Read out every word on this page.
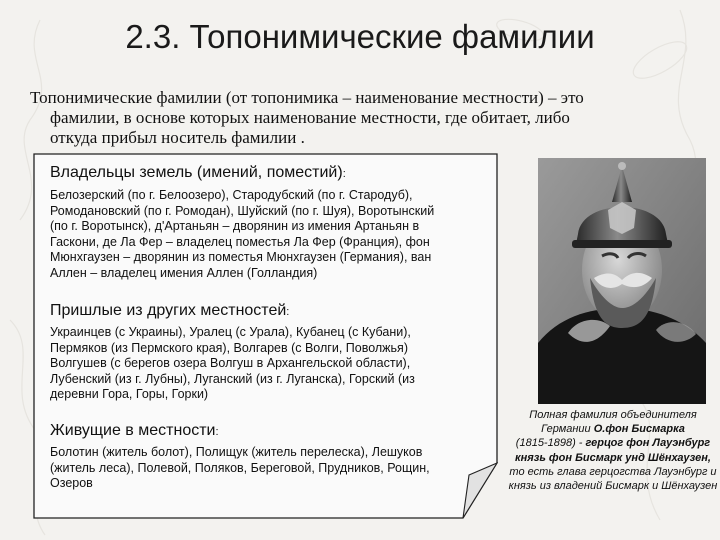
2.3. Топонимические фамилии
Топонимические фамилии (от топонимика – наименование местности) – это
фамилии, в основе которых наименование местности, где обитает, либо
откуда прибыл носитель фамилии .
Владельцы земель (имений, поместий):
Белозерский (по г. Белоозеро), Стародубский (по г. Стародуб),
Ромодановский (по г. Ромодан), Шуйский (по г. Шуя), Воротынский
(по г. Воротынск), д'Артаньян – дворянин из имения Артаньян в
Гаскони, де Ла Фер – владелец поместья Ла Фер (Франция), фон
Мюнхгаузен – дворянин из поместья Мюнхгаузен (Германия), ван
Аллен – владелец имения Аллен (Голландия)
Пришлые из других местностей:
Украинцев (с Украины), Уралец (с Урала), Кубанец (с Кубани),
Пермяков (из Пермского края), Волгарев (с Волги, Поволжья)
Волгушев (с берегов озера Волгуш в Архангельской области),
Лубенский (из г. Лубны), Луганский (из г. Луганска), Горский (из
деревни Гора, Горы, Горки)
Живущие в местности:
Болотин (житель болот), Полищук (житель перелеска), Лешуков
(житель леса), Полевой, Поляков, Береговой, Прудников, Рощин,
Озеров
Полная фамилия объединителя
Германии О.фон Бисмарка
(1815-1898) - герцог фон Лауэнбург князь фон Бисмарк унд Шёнхаузен, то есть глава герцогства Лауэнбург и князь из владений Бисмарк и Шёнхаузен
